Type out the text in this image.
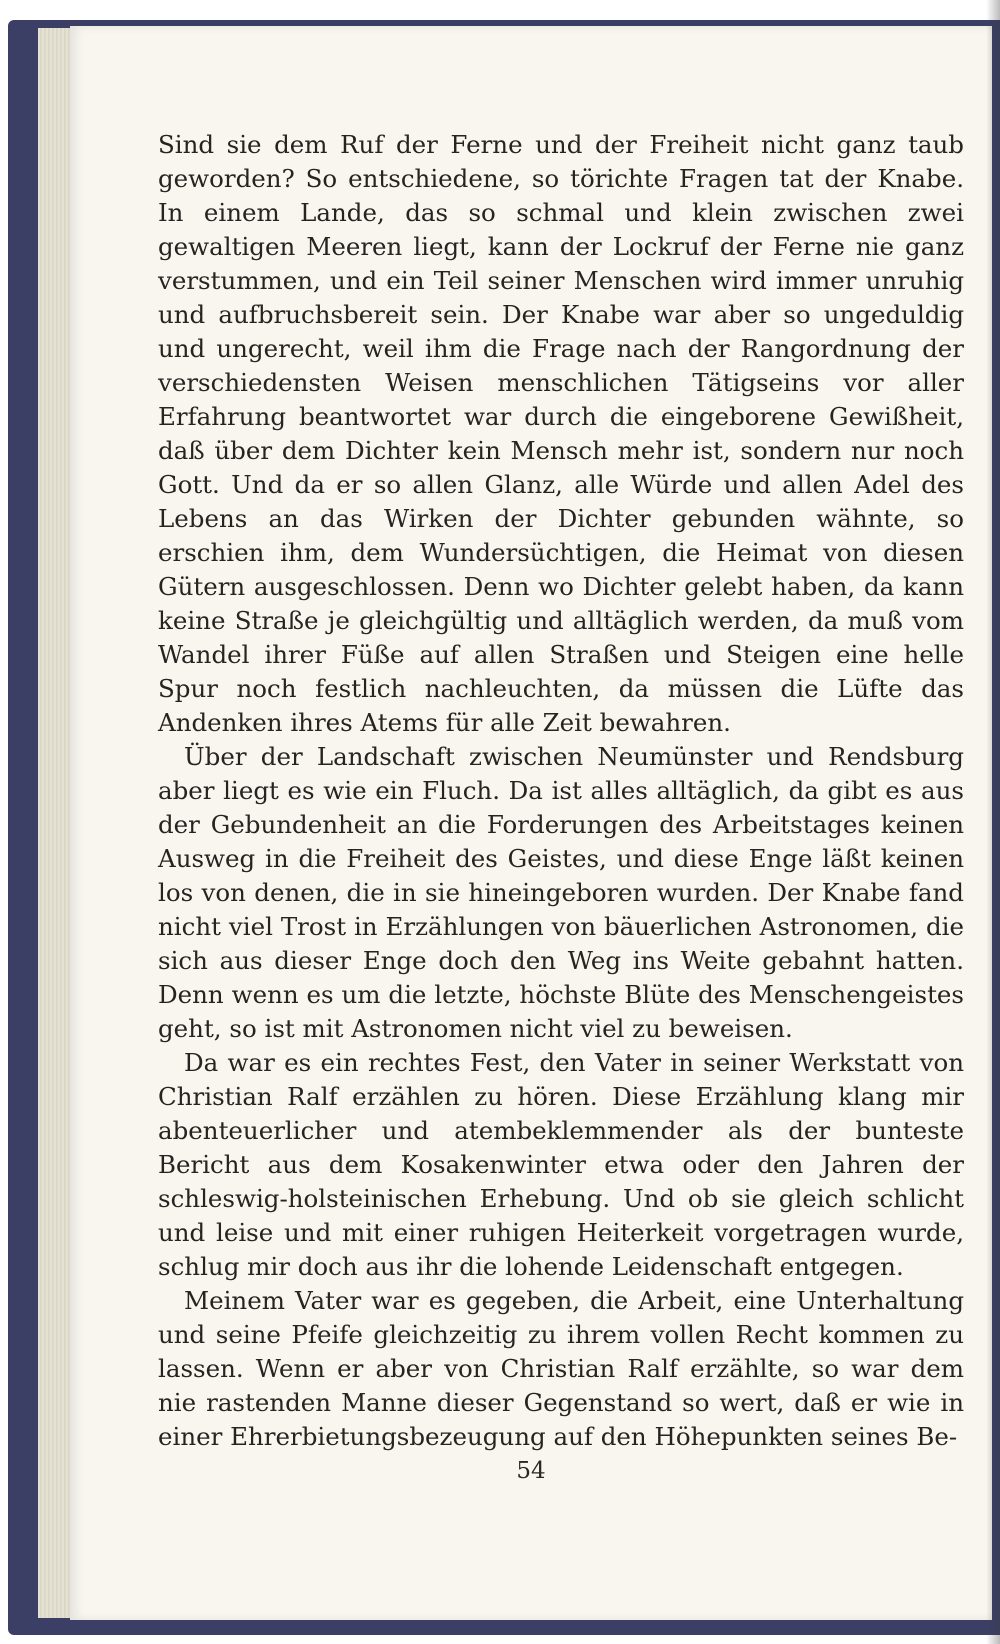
Sind sie dem Ruf der Ferne und der Freiheit nicht ganz taub geworden? So entschiedene, so törichte Fragen tat der Knabe. In einem Lande, das so schmal und klein zwischen zwei gewaltigen Meeren liegt, kann der Lockruf der Ferne nie ganz verstummen, und ein Teil seiner Menschen wird immer unruhig und aufbruchsbereit sein. Der Knabe war aber so ungeduldig und ungerecht, weil ihm die Frage nach der Rangordnung der verschiedensten Weisen menschlichen Tätigseins vor aller Erfahrung beantwortet war durch die eingeborene Gewißheit, daß über dem Dichter kein Mensch mehr ist, sondern nur noch Gott. Und da er so allen Glanz, alle Würde und allen Adel des Lebens an das Wirken der Dichter gebunden wähnte, so erschien ihm, dem Wundersüchtigen, die Heimat von diesen Gütern ausgeschlossen. Denn wo Dichter gelebt haben, da kann keine Straße je gleichgültig und alltäglich werden, da muß vom Wandel ihrer Füße auf allen Straßen und Steigen eine helle Spur noch festlich nachleuchten, da müssen die Lüfte das Andenken ihres Atems für alle Zeit bewahren.

Über der Landschaft zwischen Neumünster und Rendsburg aber liegt es wie ein Fluch. Da ist alles alltäglich, da gibt es aus der Gebundenheit an die Forderungen des Arbeitstages keinen Ausweg in die Freiheit des Geistes, und diese Enge läßt keinen los von denen, die in sie hineingeboren wurden. Der Knabe fand nicht viel Trost in Erzählungen von bäuerlichen Astronomen, die sich aus dieser Enge doch den Weg ins Weite gebahnt hatten. Denn wenn es um die letzte, höchste Blüte des Menschengeistes geht, so ist mit Astronomen nicht viel zu beweisen.

Da war es ein rechtes Fest, den Vater in seiner Werkstatt von Christian Ralf erzählen zu hören. Diese Erzählung klang mir abenteuerlicher und atembeklemmender als der bunteste Bericht aus dem Kosakenwinter etwa oder den Jahren der schleswig-holsteinischen Erhebung. Und ob sie gleich schlicht und leise und mit einer ruhigen Heiterkeit vorgetragen wurde, schlug mir doch aus ihr die lohende Leidenschaft entgegen.

Meinem Vater war es gegeben, die Arbeit, eine Unterhaltung und seine Pfeife gleichzeitig zu ihrem vollen Recht kommen zu lassen. Wenn er aber von Christian Ralf erzählte, so war dem nie rastenden Manne dieser Gegenstand so wert, daß er wie in einer Ehrerbietungsbezeugung auf den Höhepunkten seines Be-

54
